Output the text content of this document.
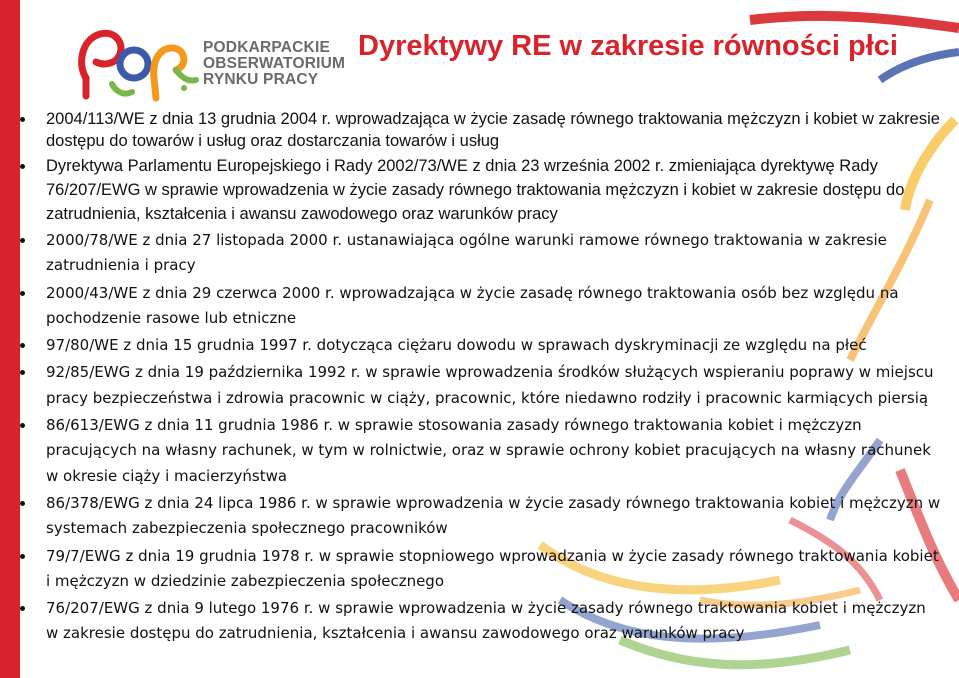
PODKARPACKIE
OBSERWATORIUM
RYNKU PRACY
Dyrektywy RE w zakresie równości płci
2004/113/WE z dnia 13 grudnia 2004 r. wprowadzająca w życie zasadę równego traktowania mężczyzn i kobiet w zakresie dostępu do towarów i usług oraz dostarczania towarów i usług
Dyrektywa Parlamentu Europejskiego i Rady 2002/73/WE z dnia 23 września 2002 r. zmieniająca dyrektywę Rady 76/207/EWG w sprawie wprowadzenia w życie zasady równego traktowania mężczyzn i kobiet w zakresie dostępu do zatrudnienia, kształcenia i awansu zawodowego oraz warunków pracy
2000/78/WE z dnia 27 listopada 2000 r. ustanawiająca ogólne warunki ramowe równego traktowania w zakresie zatrudnienia i pracy
2000/43/WE z dnia 29 czerwca 2000 r. wprowadzająca w życie zasadę równego traktowania osób bez względu na pochodzenie rasowe lub etniczne
97/80/WE z dnia 15 grudnia 1997 r. dotycząca ciężaru dowodu w sprawach dyskryminacji ze względu na płeć
92/85/EWG z dnia 19 października 1992 r. w sprawie wprowadzenia środków służących wspieraniu poprawy w miejscu pracy bezpieczeństwa i zdrowia pracownic w ciąży, pracownic, które niedawno rodziły i pracownic karmiących piersią
86/613/EWG z dnia 11 grudnia 1986 r. w sprawie stosowania zasady równego traktowania kobiet i mężczyzn pracujących na własny rachunek, w tym w rolnictwie, oraz w sprawie ochrony kobiet pracujących na własny rachunek w okresie ciąży i macierzyństwa
86/378/EWG z dnia 24 lipca 1986 r. w sprawie wprowadzenia w życie zasady równego traktowania kobiet i mężczyzn w systemach zabezpieczenia społecznego pracowników
79/7/EWG z dnia 19 grudnia 1978 r. w sprawie stopniowego wprowadzania w życie zasady równego traktowania kobiet i mężczyzn w dziedzinie zabezpieczenia społecznego
76/207/EWG z dnia 9 lutego 1976 r. w sprawie wprowadzenia w życie zasady równego traktowania kobiet i mężczyzn w zakresie dostępu do zatrudnienia, kształcenia i awansu zawodowego oraz warunków pracy
